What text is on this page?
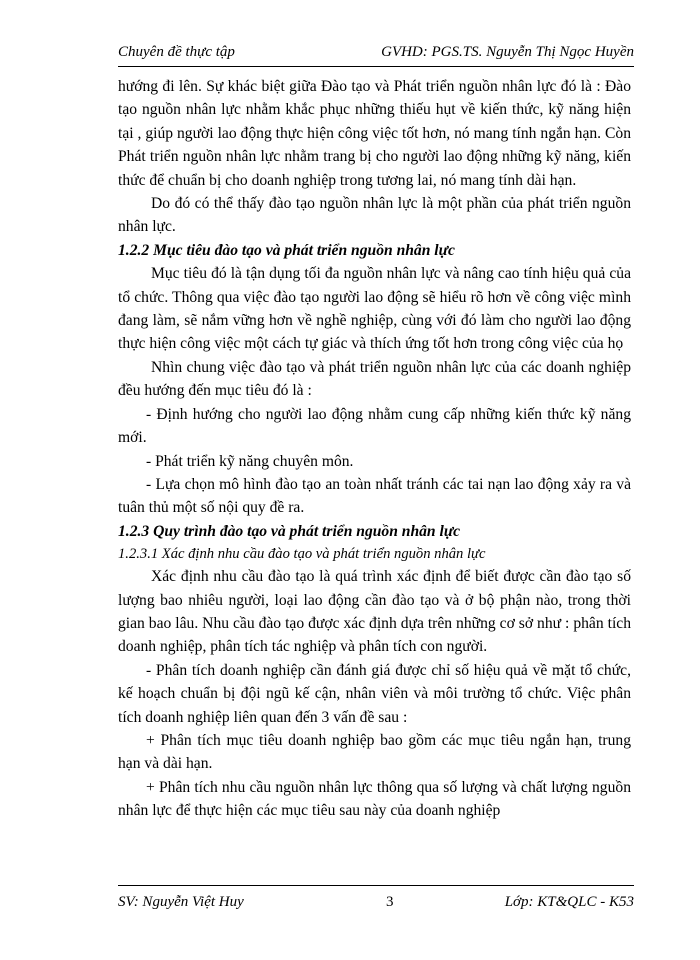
Chuyên đề thực tập	GVHD: PGS.TS. Nguyễn Thị Ngọc Huyền

hướng đi lên. Sự khác biệt giữa Đào tạo và Phát triển nguồn nhân lực đó là : Đào tạo nguồn nhân lực nhằm khắc phục những thiếu hụt về kiến thức, kỹ năng hiện tại , giúp người lao động thực hiện công việc tốt hơn, nó mang tính ngắn hạn. Còn Phát triển nguồn nhân lực nhằm trang bị cho người lao động những kỹ năng, kiến thức để chuẩn bị cho doanh nghiệp trong tương lai, nó mang tính dài hạn.

Do đó có thể thấy đào tạo nguồn nhân lực là một phần của phát triển nguồn nhân lực.

1.2.2 Mục tiêu đào tạo và phát triển nguồn nhân lực

Mục tiêu đó là tận dụng tối đa nguồn nhân lực và nâng cao tính hiệu quả của tổ chức. Thông qua việc đào tạo người lao động sẽ hiểu rõ hơn về công việc mình đang làm, sẽ nắm vững hơn về nghề nghiệp, cùng với đó làm cho người lao động thực hiện công việc một cách tự giác và thích ứng tốt hơn trong công việc của họ

Nhìn chung việc đào tạo và phát triển nguồn nhân lực của các doanh nghiệp đều hướng đến mục tiêu đó là :

- Định hướng cho người lao động nhằm cung cấp những kiến thức kỹ năng mới.

- Phát triển kỹ năng chuyên môn.

- Lựa chọn mô hình đào tạo an toàn nhất tránh các tai nạn lao động xảy ra và tuân thủ một số nội quy đề ra.

1.2.3 Quy trình đào tạo và phát triển nguồn nhân lực
1.2.3.1 Xác định nhu cầu đào tạo và phát triển nguồn nhân lực

Xác định nhu cầu đào tạo là quá trình xác định để biết được cần đào tạo số lượng bao nhiêu người, loại lao động cần đào tạo và ở bộ phận nào, trong thời gian bao lâu. Nhu cầu đào tạo được xác định dựa trên những cơ sở như : phân tích doanh nghiệp, phân tích tác nghiệp và phân tích con người.

- Phân tích doanh nghiệp cần đánh giá được chỉ số hiệu quả về mặt tổ chức, kế hoạch chuẩn bị đội ngũ kế cận, nhân viên và môi trường tổ chức. Việc phân tích doanh nghiệp liên quan đến 3 vấn đề sau :

+ Phân tích mục tiêu doanh nghiệp bao gồm các mục tiêu ngắn hạn, trung hạn và dài hạn.

+ Phân tích nhu cầu nguồn nhân lực thông qua số lượng và chất lượng nguồn nhân lực để thực hiện các mục tiêu sau này của doanh nghiệp

SV: Nguyễn Việt Huy	3	Lớp: KT&QLC - K53
